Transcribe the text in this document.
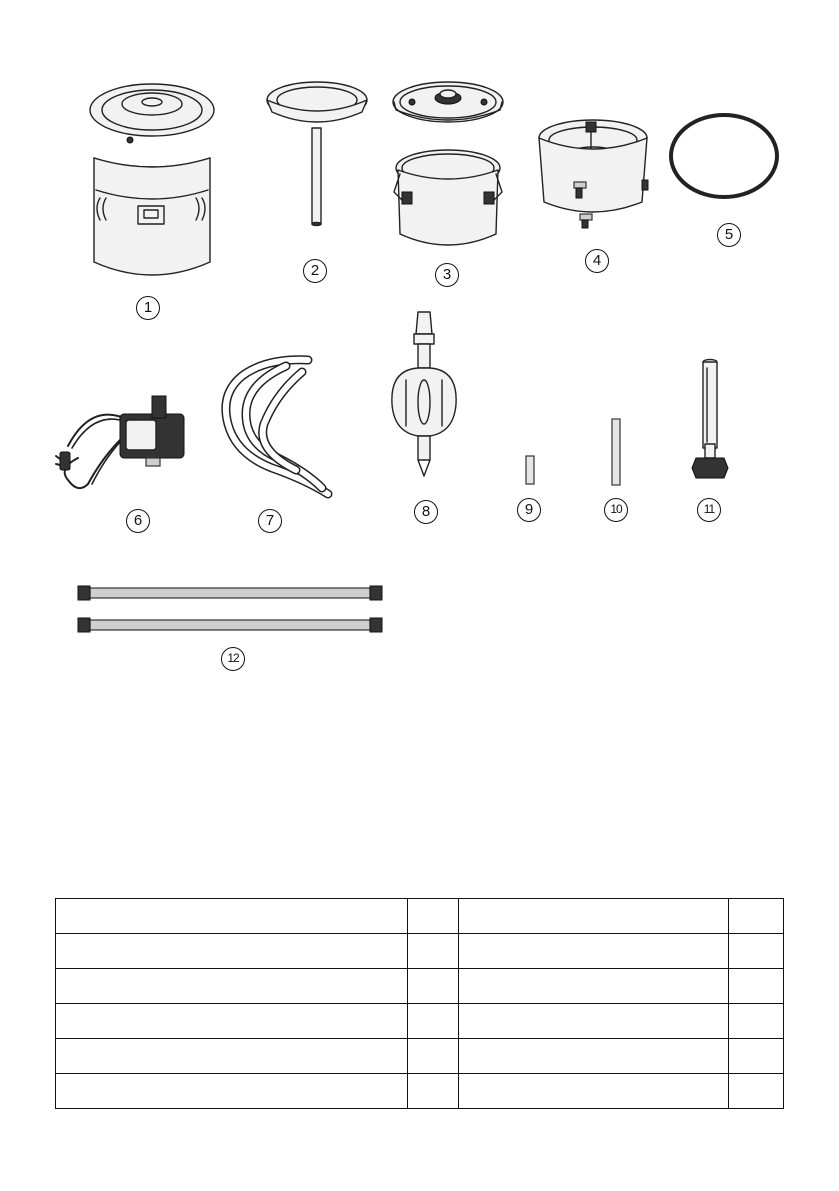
1
2	3
4
5
6	7
8	9	10	11
12
